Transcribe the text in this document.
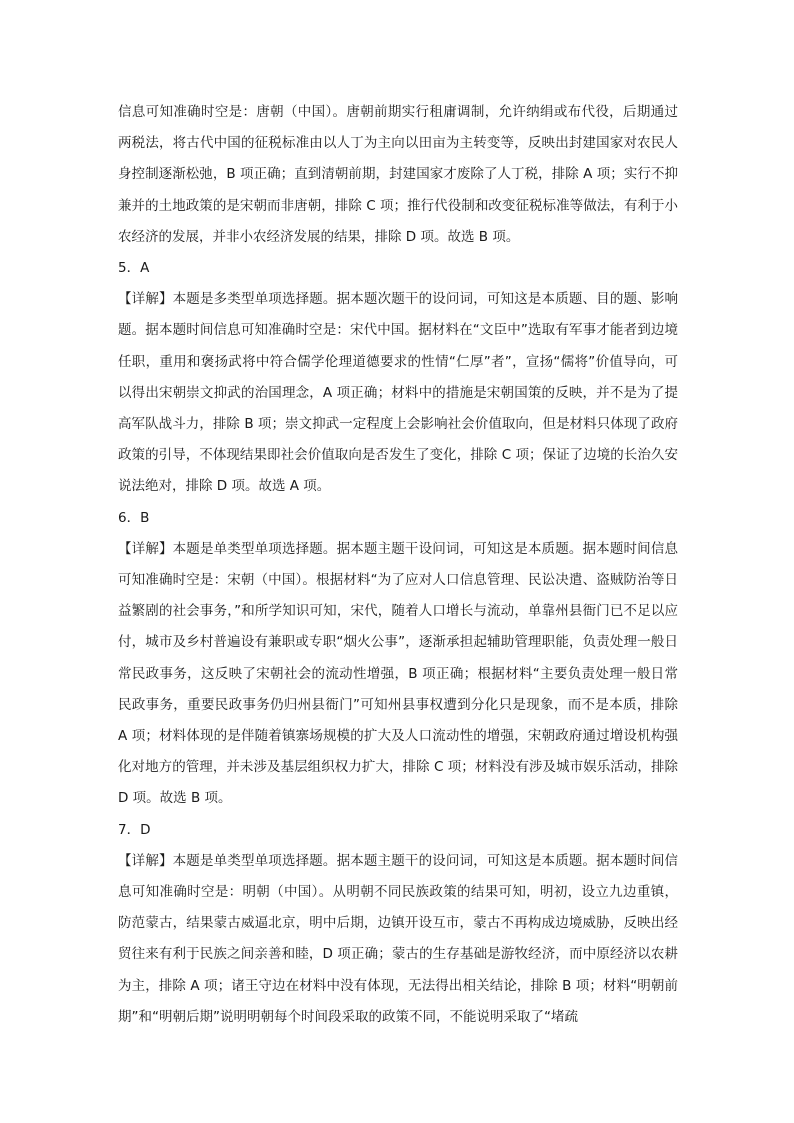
信息可知准确时空是：唐朝（中国）。唐朝前期实行租庸调制，允许纳绢或布代役，后期通过两税法，将古代中国的征税标准由以人丁为主向以田亩为主转变等，反映出封建国家对农民人身控制逐渐松弛，B 项正确；直到清朝前期，封建国家才废除了人丁税，排除 A 项；实行不抑兼并的土地政策的是宋朝而非唐朝，排除 C 项；推行代役制和改变征税标准等做法，有利于小农经济的发展，并非小农经济发展的结果，排除 D 项。故选 B 项。

5．A

【详解】本题是多类型单项选择题。据本题次题干的设问词，可知这是本质题、目的题、影响题。据本题时间信息可知准确时空是：宋代中国。据材料在“文臣中”选取有军事才能者到边境任职，重用和褒扬武将中符合儒学伦理道德要求的性情“仁厚”者”，宣扬“儒将”价值导向，可以得出宋朝崇文抑武的治国理念，A 项正确；材料中的措施是宋朝国策的反映，并不是为了提高军队战斗力，排除 B 项；崇文抑武一定程度上会影响社会价值取向，但是材料只体现了政府政策的引导，不体现结果即社会价值取向是否发生了变化，排除 C 项；保证了边境的长治久安说法绝对，排除 D 项。故选 A 项。

6．B

【详解】本题是单类型单项选择题。据本题主题干设问词，可知这是本质题。据本题时间信息可知准确时空是：宋朝（中国）。根据材料“为了应对人口信息管理、民讼决遣、盗贼防治等日益繁剧的社会事务，”和所学知识可知，宋代，随着人口增长与流动，单靠州县衙门已不足以应付，城市及乡村普遍设有兼职或专职“烟火公事”，逐渐承担起辅助管理职能，负责处理一般日常民政事务，这反映了宋朝社会的流动性增强，B 项正确；根据材料“主要负责处理一般日常民政事务，重要民政事务仍归州县衙门”可知州县事权遭到分化只是现象，而不是本质，排除 A 项；材料体现的是伴随着镇寨场规模的扩大及人口流动性的增强，宋朝政府通过增设机构强化对地方的管理，并未涉及基层组织权力扩大，排除 C 项；材料没有涉及城市娱乐活动，排除 D 项。故选 B 项。

7．D

【详解】本题是单类型单项选择题。据本题主题干的设问词，可知这是本质题。据本题时间信息可知准确时空是：明朝（中国）。从明朝不同民族政策的结果可知，明初，设立九边重镇，防范蒙古，结果蒙古威逼北京，明中后期，边镇开设互市，蒙古不再构成边境威胁，反映出经贸往来有利于民族之间亲善和睦，D 项正确；蒙古的生存基础是游牧经济，而中原经济以农耕为主，排除 A 项；诸王守边在材料中没有体现，无法得出相关结论，排除 B 项；材料“明朝前期”和“明朝后期”说明明朝每个时间段采取的政策不同，不能说明采取了“堵疏
